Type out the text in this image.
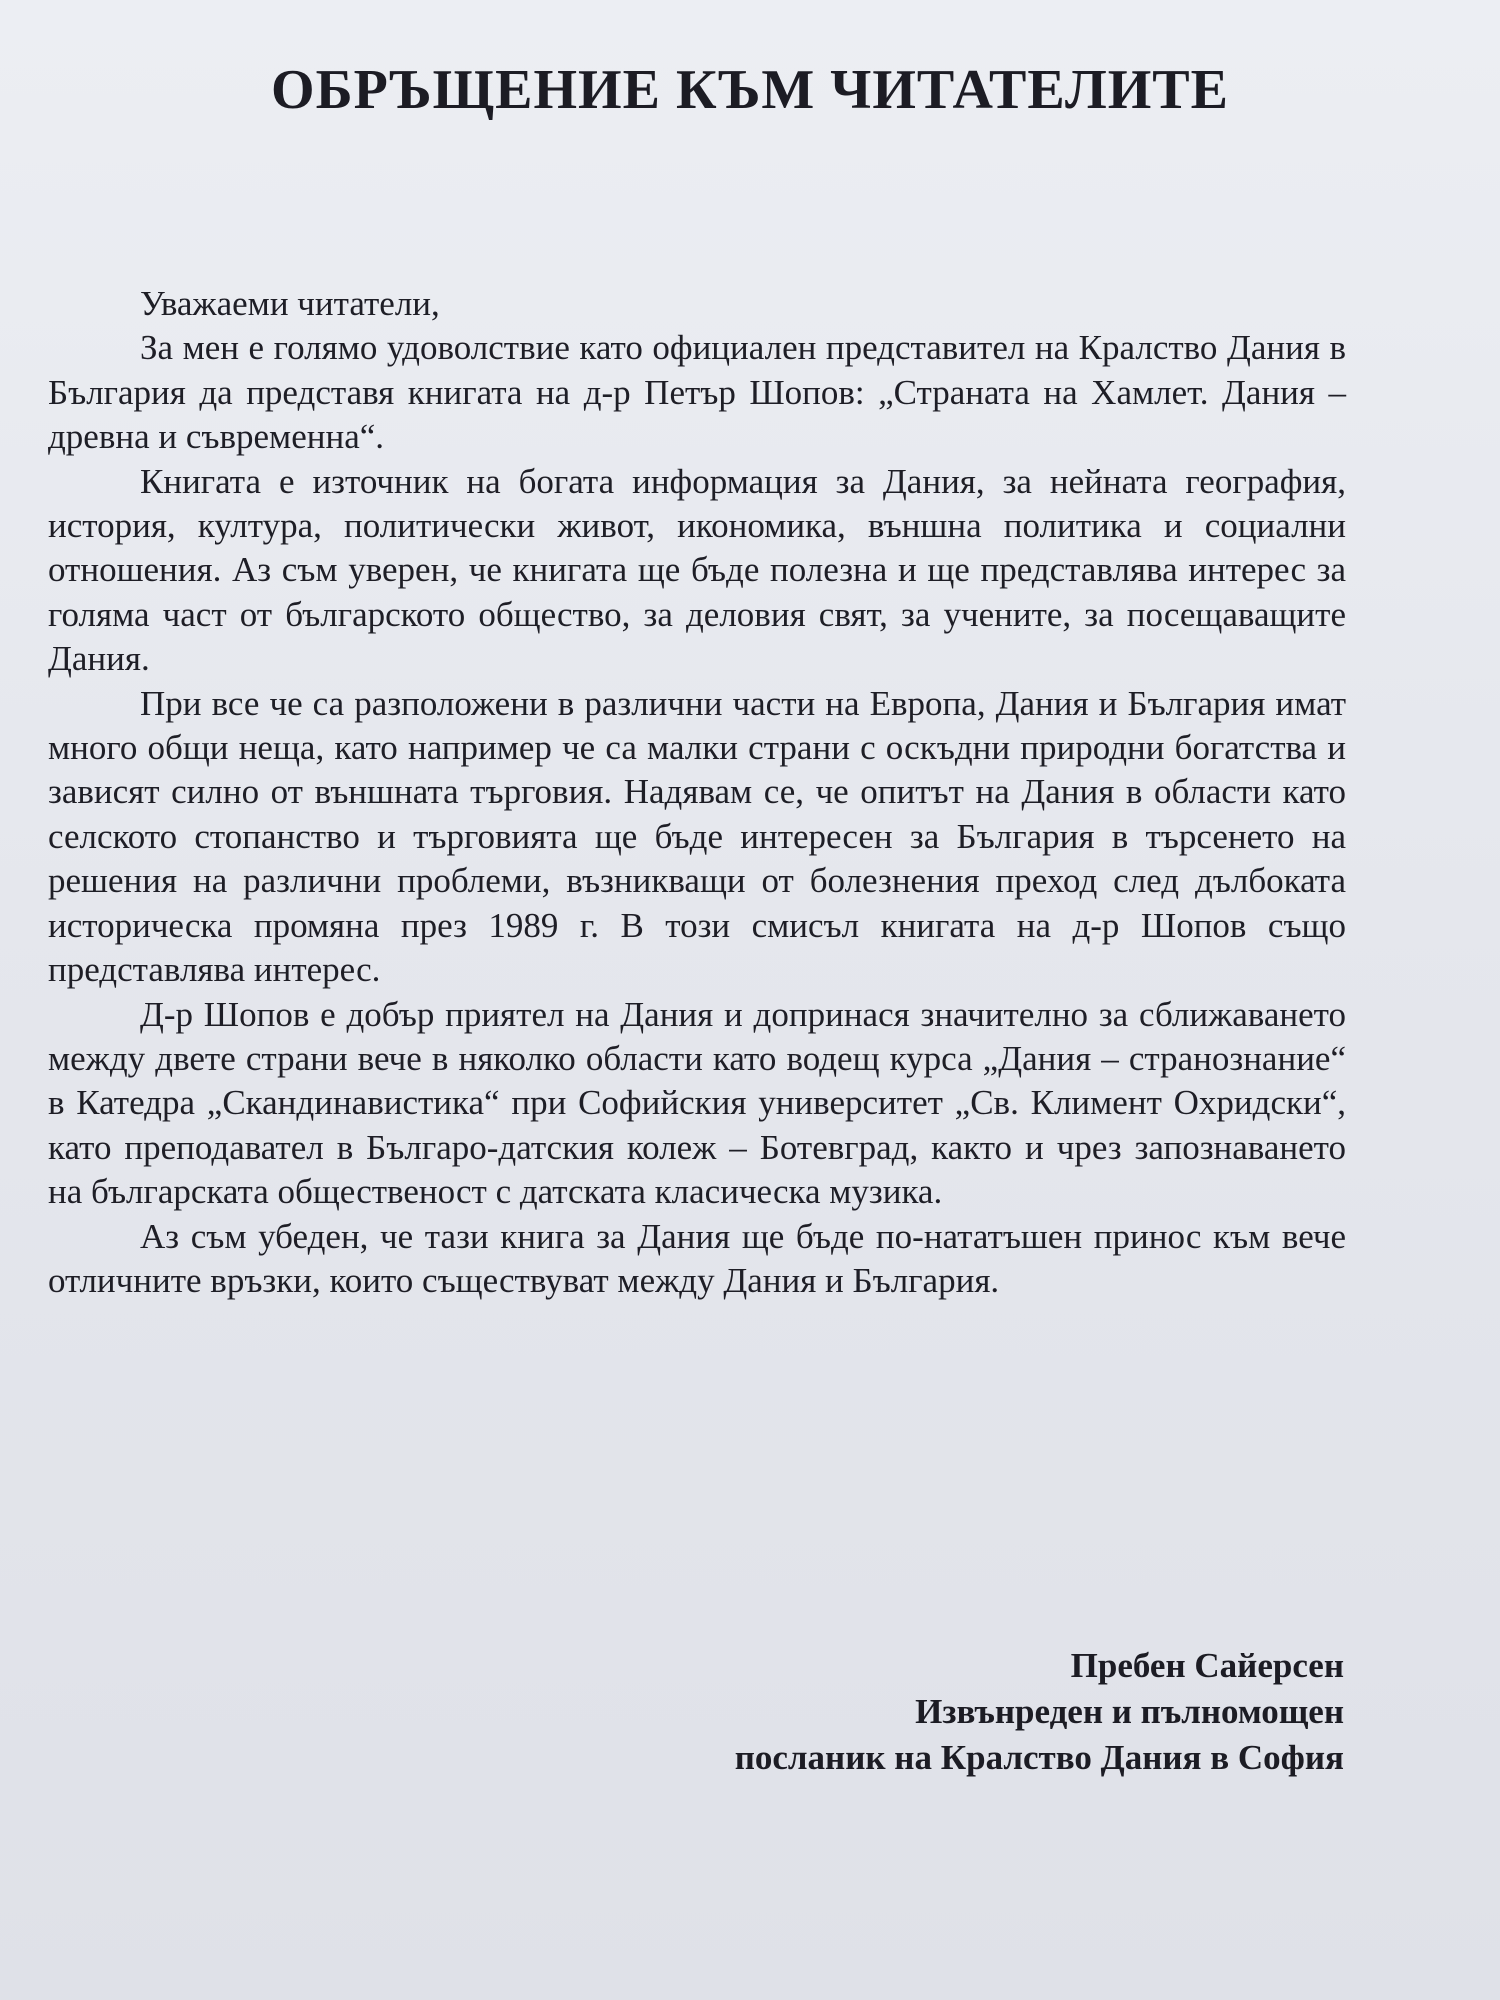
ОБРЪЩЕНИЕ КЪМ ЧИТАТЕЛИТЕ

Уважаеми читатели,

За мен е голямо удоволствие като официален представител на Кралство Дания в България да представя книгата на д-р Петър Шопов: „Страната на Хамлет. Дания – древна и съвременна“.

Книгата е източник на богата информация за Дания, за нейната география, история, култура, политически живот, икономика, външна политика и социални отношения. Аз съм уверен, че книгата ще бъде полезна и ще представлява интерес за голяма част от българското общество, за деловия свят, за учените, за посещаващите Дания.

При все че са разположени в различни части на Европа, Дания и България имат много общи неща, като например че са малки страни с оскъдни природни богатства и зависят силно от външната търговия. Надявам се, че опитът на Дания в области като селското стопанство и търговията ще бъде интересен за България в търсенето на решения на различни проблеми, възникващи от болезнения преход след дълбоката историческа промяна през 1989 г. В този смисъл книгата на д-р Шопов също представлява интерес.

Д-р Шопов е добър приятел на Дания и допринася значително за сближаването между двете страни вече в няколко области като водещ курса „Дания – странознание“ в Катедра „Скандинавистика“ при Софийския университет „Св. Климент Охридски“, като преподавател в Българо-датския колеж – Ботевград, както и чрез запознаването на българската общественост с датската класическа музика.

Аз съм убеден, че тази книга за Дания ще бъде по-нататъшен принос към вече отличните връзки, които съществуват между Дания и България.

Пребен Сайерсен
Извънреден и пълномощен
посланик на Кралство Дания в София
